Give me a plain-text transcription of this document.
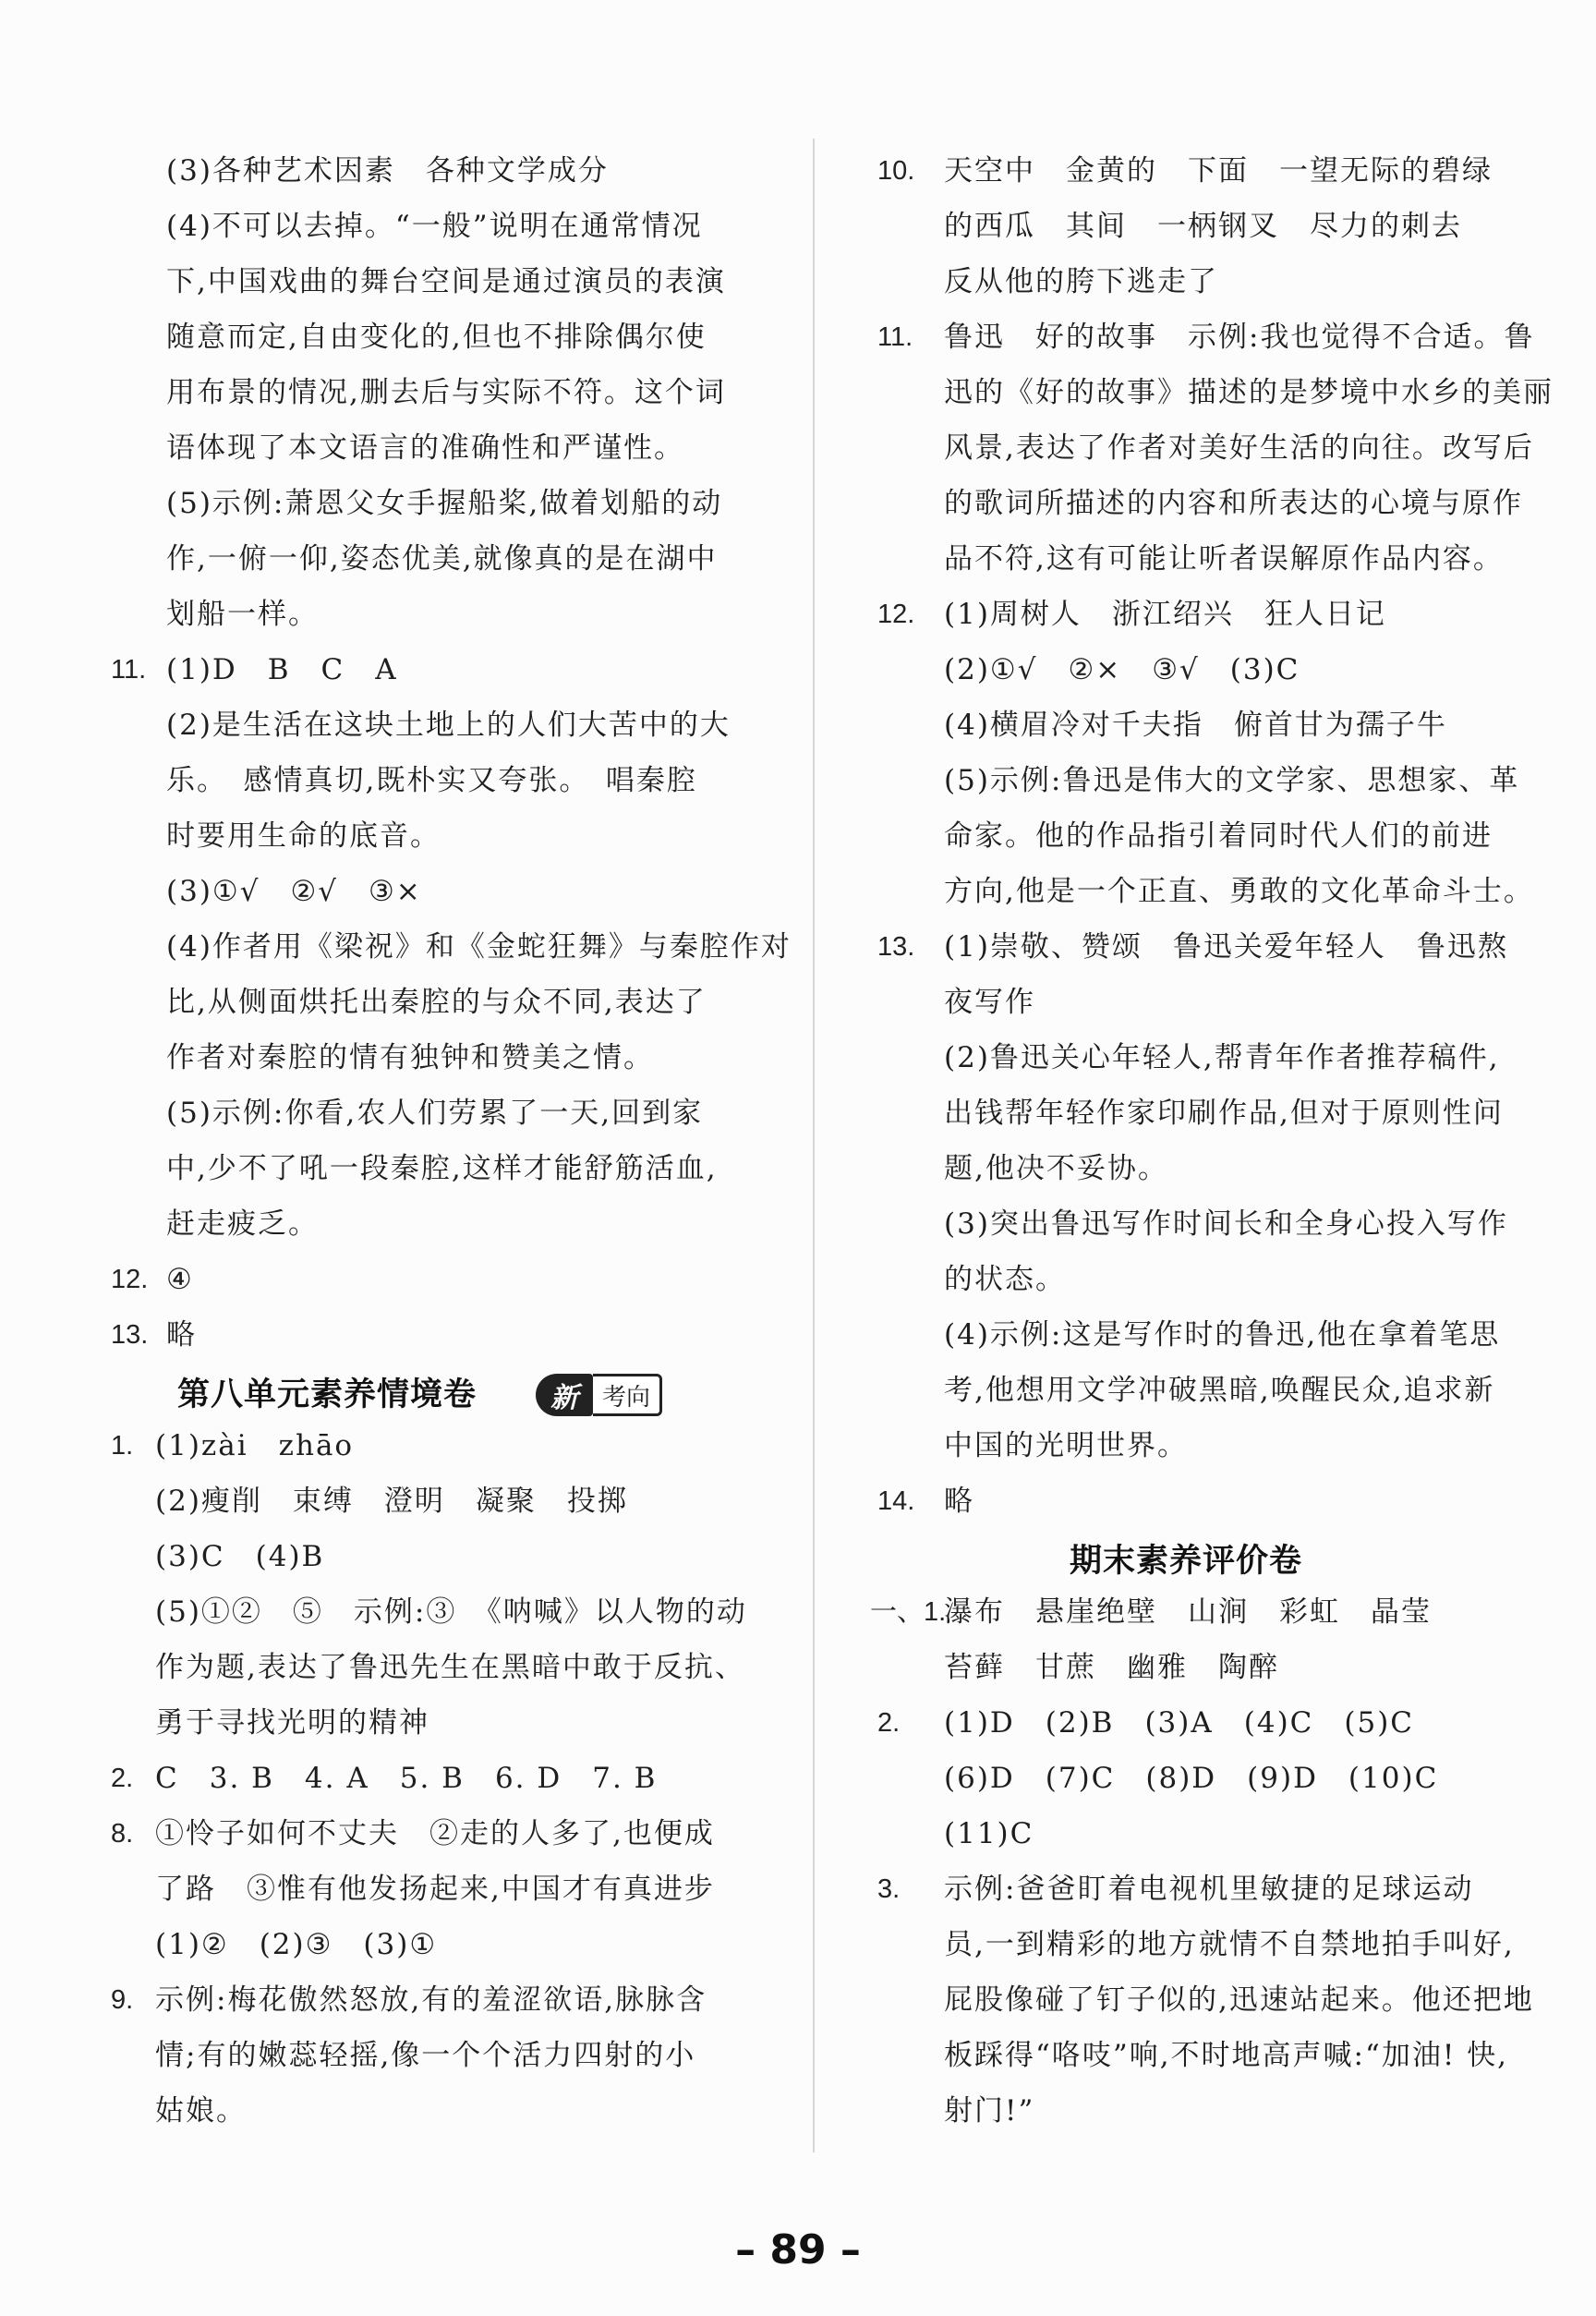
第八单元素养情境卷	新	考向
(3)各种艺术因素　各种文学成分
(4)不可以去掉。“一般”说明在通常情况
下,中国戏曲的舞台空间是通过演员的表演
随意而定,自由变化的,但也不排除偶尔使
用布景的情况,删去后与实际不符。这个词
语体现了本文语言的准确性和严谨性。
(5)示例:萧恩父女手握船桨,做着划船的动
作,一俯一仰,姿态优美,就像真的是在湖中
划船一样。
11. (1)D　B　C　A
(2)是生活在这块土地上的人们大苦中的大
乐。　感情真切,既朴实又夸张。　唱秦腔
时要用生命的底音。
(3)①√　②√　③×
(4)作者用《梁祝》和《金蛇狂舞》与秦腔作对
比,从侧面烘托出秦腔的与众不同,表达了
作者对秦腔的情有独钟和赞美之情。
(5)示例:你看,农人们劳累了一天,回到家
中,少不了吼一段秦腔,这样才能舒筋活血,
赶走疲乏。
12. ④
13. 略
1. (1)zài　zhāo
(2)瘦削　束缚　澄明　凝聚　投掷
(3)C　(4)B
(5)①②　⑤　示例:③　《呐喊》以人物的动
作为题,表达了鲁迅先生在黑暗中敢于反抗、
勇于寻找光明的精神
2. C　3. B　4. A　5. B　6. D　7. B
8. ①怜子如何不丈夫　②走的人多了,也便成
了路　③惟有他发扬起来,中国才有真进步
(1)②　(2)③　(3)①
9. 示例:梅花傲然怒放,有的羞涩欲语,脉脉含
情;有的嫩蕊轻摇,像一个个活力四射的小
姑娘。
期末素养评价卷
10. 天空中　金黄的　下面　一望无际的碧绿
的西瓜　其间　一柄钢叉　尽力的刺去
反从他的胯下逃走了
11. 鲁迅　好的故事　示例:我也觉得不合适。鲁
迅的《好的故事》描述的是梦境中水乡的美丽
风景,表达了作者对美好生活的向往。改写后
的歌词所描述的内容和所表达的心境与原作
品不符,这有可能让听者误解原作品内容。
12. (1)周树人　浙江绍兴　狂人日记
(2)①√　②×　③√　(3)C
(4)横眉冷对千夫指　俯首甘为孺子牛
(5)示例:鲁迅是伟大的文学家、思想家、革
命家。他的作品指引着同时代人们的前进
方向,他是一个正直、勇敢的文化革命斗士。
13. (1)崇敬、赞颂　鲁迅关爱年轻人　鲁迅熬
夜写作
(2)鲁迅关心年轻人,帮青年作者推荐稿件,
出钱帮年轻作家印刷作品,但对于原则性问
题,他决不妥协。
(3)突出鲁迅写作时间长和全身心投入写作
的状态。
(4)示例:这是写作时的鲁迅,他在拿着笔思
考,他想用文学冲破黑暗,唤醒民众,追求新
中国的光明世界。
14. 略
一、1.
瀑布　悬崖绝壁　山涧　彩虹　晶莹
苔藓　甘蔗　幽雅　陶醉
2. (1)D　(2)B　(3)A　(4)C　(5)C
(6)D　(7)C　(8)D　(9)D　(10)C
(11)C
3. 示例:爸爸盯着电视机里敏捷的足球运动
员,一到精彩的地方就情不自禁地拍手叫好,
屁股像碰了钉子似的,迅速站起来。他还把地
板踩得“咯吱”响,不时地高声喊:“加油! 快,
射门!”
– 89 –
